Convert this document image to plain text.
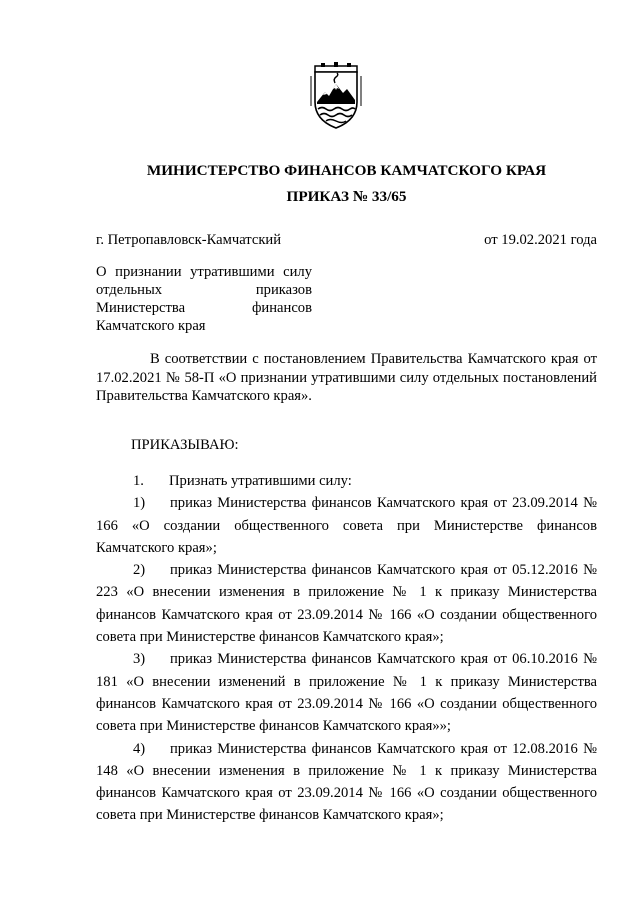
МИНИСТЕРСТВО ФИНАНСОВ КАМЧАТСКОГО КРАЯ
ПРИКАЗ № 33/65
г. Петропавловск-Камчатский	от 19.02.2021 года
О признании утратившими силу отдельных приказов Министерства финансов Камчатского края
В соответствии с постановлением Правительства Камчатского края от 17.02.2021 № 58-П «О признании утратившими силу отдельных постановлений Правительства Камчатского края».
ПРИКАЗЫВАЮ:

1. Признать утратившими силу:

1) приказ Министерства финансов Камчатского края от 23.09.2014 № 166 «О создании общественного совета при Министерстве финансов Камчатского края»;

2) приказ Министерства финансов Камчатского края от 05.12.2016 № 223 «О внесении изменения в приложение № 1 к приказу Министерства финансов Камчатского края от 23.09.2014 № 166 «О создании общественного совета при Министерстве финансов Камчатского края»;

3) приказ Министерства финансов Камчатского края от 06.10.2016 № 181 «О внесении изменений в приложение № 1 к приказу Министерства финансов Камчатского края от 23.09.2014 № 166 «О создании общественного совета при Министерстве финансов Камчатского края»»;

4) приказ Министерства финансов Камчатского края от 12.08.2016 № 148 «О внесении изменения в приложение № 1 к приказу Министерства финансов Камчатского края от 23.09.2014 № 166 «О создании общественного совета при Министерстве финансов Камчатского края»;
